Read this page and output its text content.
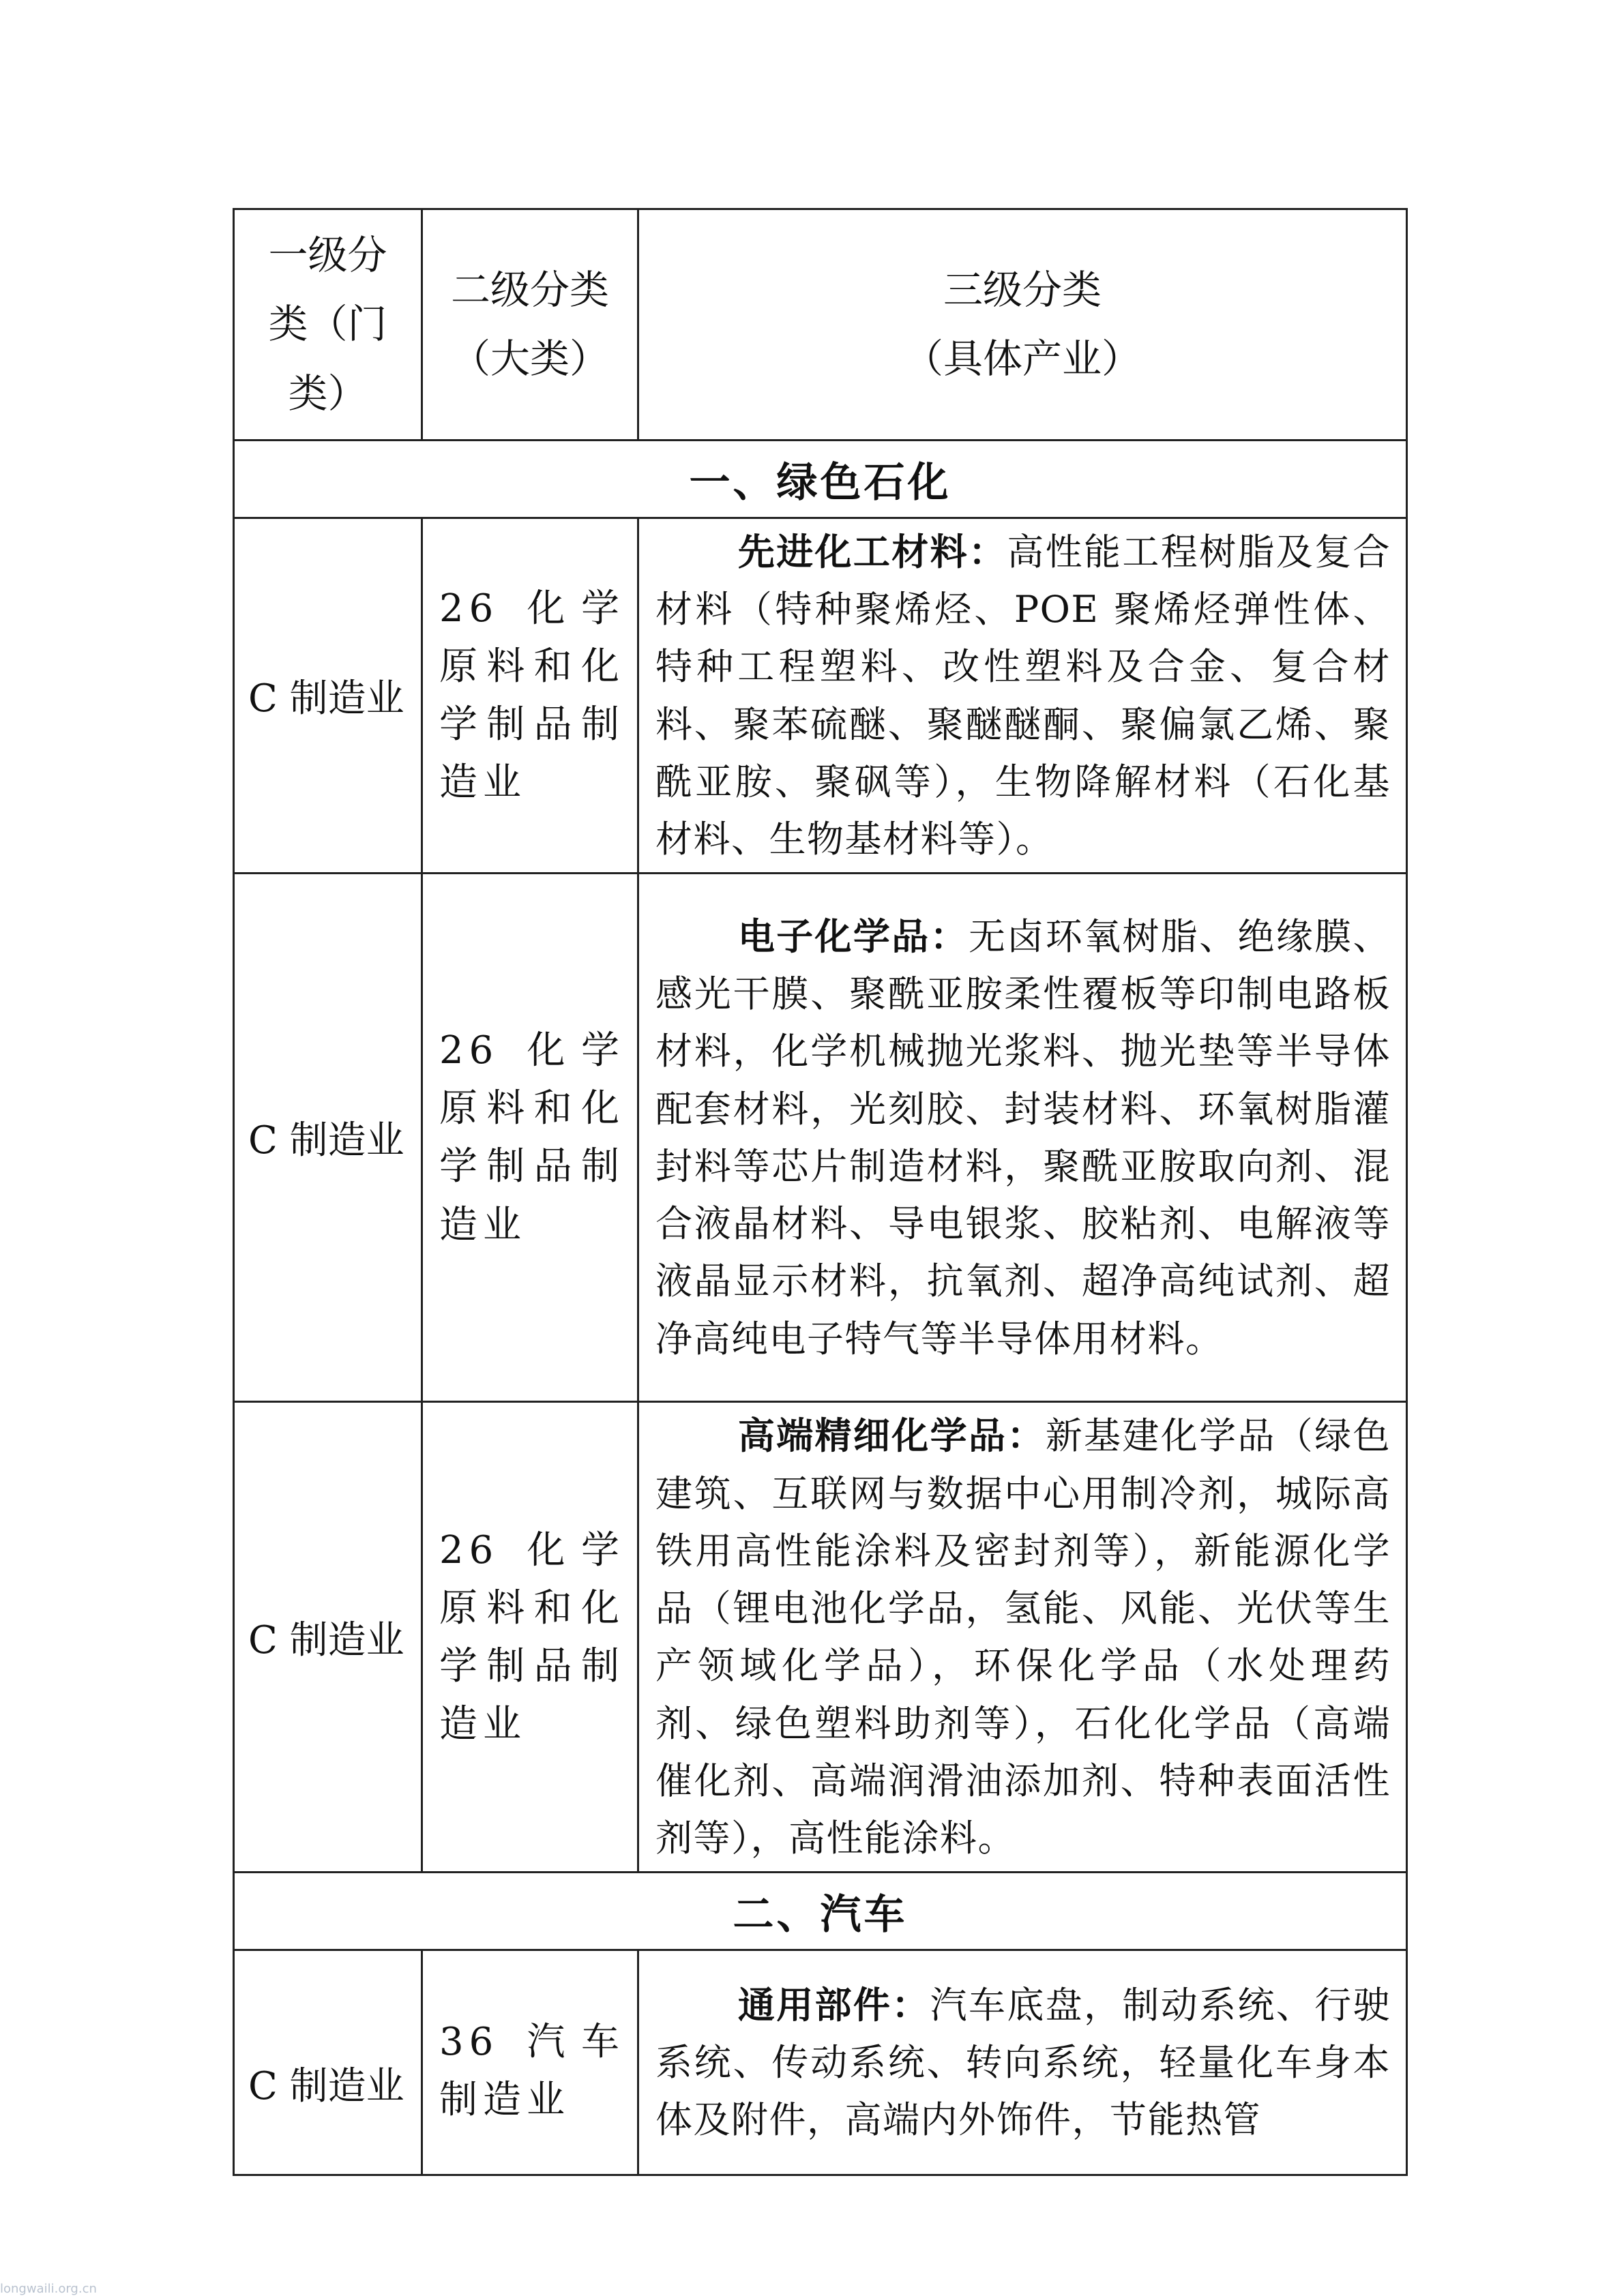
一级分类（门类）	二级分类（大类）	三级分类
（具体产业）

一、绿色石化		
C 制造业	26 化学原料和化学制品制造业	先进化工材料：高性能工程树脂及复合材料（特种聚烯烃、POE 聚烯烃弹性体、特种工程塑料、改性塑料及合金、复合材料、聚苯硫醚、聚醚醚酮、聚偏氯乙烯、聚酰亚胺、聚砜等），生物降解材料（石化基材料、生物基材料等）。
C 制造业	26 化学原料和化学制品制造业	电子化学品：无卤环氧树脂、绝缘膜、感光干膜、聚酰亚胺柔性覆板等印制电路板材料，化学机械抛光浆料、抛光垫等半导体配套材料，光刻胶、封装材料、环氧树脂灌封料等芯片制造材料，聚酰亚胺取向剂、混合液晶材料、导电银浆、胶粘剂、电解液等液晶显示材料，抗氧剂、超净高纯试剂、超净高纯电子特气等半导体用材料。
C 制造业	26 化学原料和化学制品制造业	高端精细化学品：新基建化学品（绿色建筑、互联网与数据中心用制冷剂，城际高铁用高性能涂料及密封剂等），新能源化学品（锂电池化学品，氢能、风能、光伏等生产领域化学品），环保化学品（水处理药剂、绿色塑料助剂等），石化化学品（高端催化剂、高端润滑油添加剂、特种表面活性剂等），高性能涂料。
二、汽车		
C 制造业	36 汽车制造业	通用部件：汽车底盘，制动系统、行驶系统、传动系统、转向系统，轻量化车身本体及附件，高端内外饰件，节能热管
longwaili.org.cn
